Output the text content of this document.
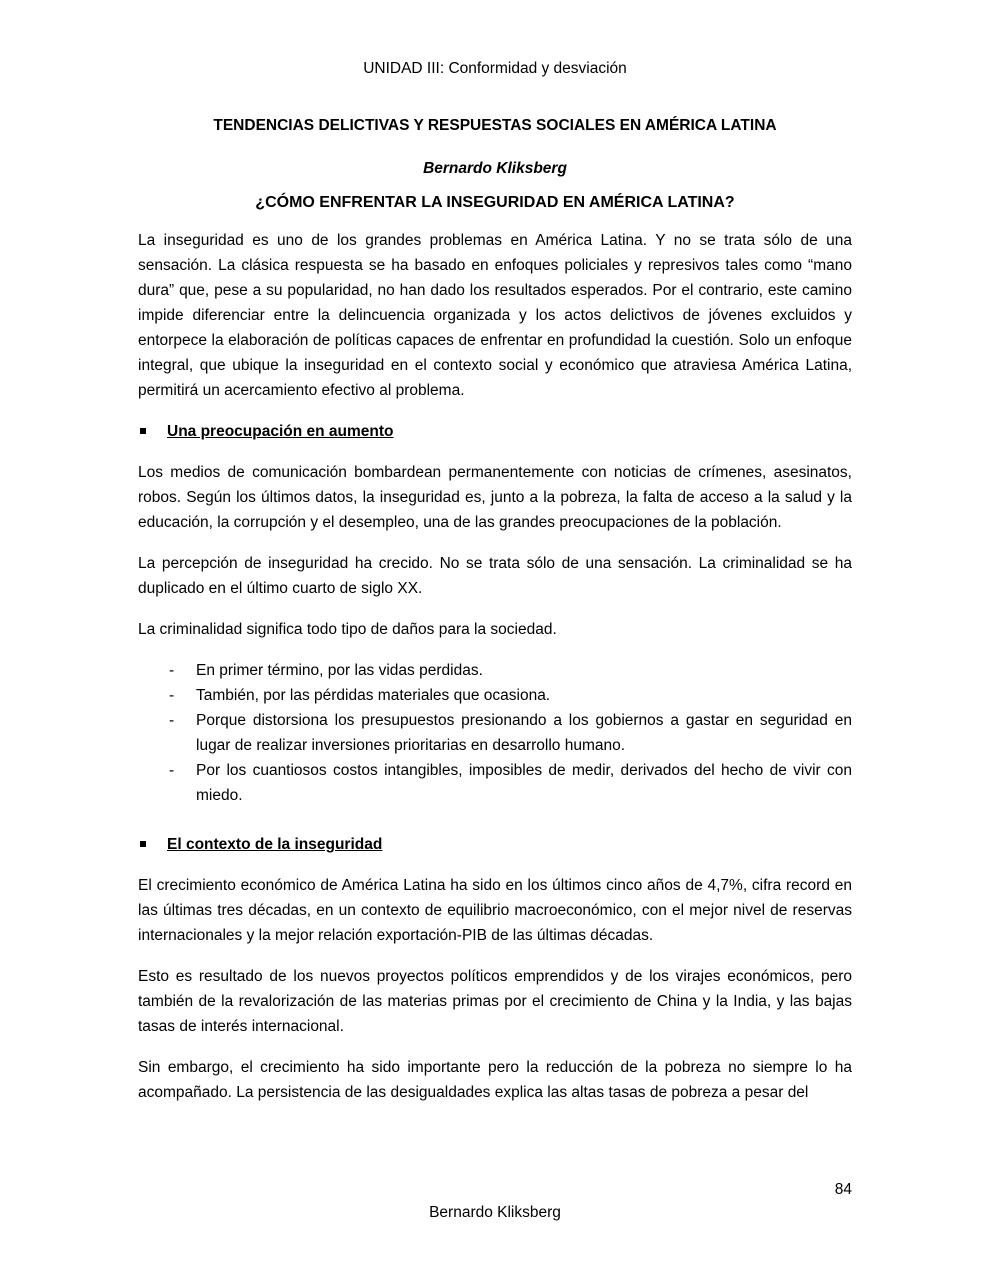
UNIDAD III: Conformidad y desviación
TENDENCIAS DELICTIVAS Y RESPUESTAS SOCIALES EN AMÉRICA LATINA
Bernardo Kliksberg
¿CÓMO ENFRENTAR LA INSEGURIDAD EN AMÉRICA LATINA?

La inseguridad es uno de los grandes problemas en América Latina. Y no se trata sólo de una sensación. La clásica respuesta se ha basado en enfoques policiales y represivos tales como “mano dura” que, pese a su popularidad, no han dado los resultados esperados. Por el contrario, este camino impide diferenciar entre la delincuencia organizada y los actos delictivos de jóvenes excluidos y entorpece la elaboración de políticas capaces de enfrentar en profundidad la cuestión. Solo un enfoque integral, que ubique la inseguridad en el contexto social y económico que atraviesa América Latina, permitirá un acercamiento efectivo al problema.

Una preocupación en aumento

Los medios de comunicación bombardean permanentemente con noticias de crímenes, asesinatos, robos. Según los últimos datos, la inseguridad es, junto a la pobreza, la falta de acceso a la salud y la educación, la corrupción y el desempleo, una de las grandes preocupaciones de la población.

La percepción de inseguridad ha crecido. No se trata sólo de una sensación. La criminalidad se ha duplicado en el último cuarto de siglo XX.

La criminalidad significa todo tipo de daños para la sociedad.

- En primer término, por las vidas perdidas.
- También, por las pérdidas materiales que ocasiona.
- Porque distorsiona los presupuestos presionando a los gobiernos a gastar en seguridad en lugar de realizar inversiones prioritarias en desarrollo humano.
- Por los cuantiosos costos intangibles, imposibles de medir, derivados del hecho de vivir con miedo.
El contexto de la inseguridad

El crecimiento económico de América Latina ha sido en los últimos cinco años de 4,7%, cifra record en las últimas tres décadas, en un contexto de equilibrio macroeconómico, con el mejor nivel de reservas internacionales y la mejor relación exportación-PIB de las últimas décadas.

Esto es resultado de los nuevos proyectos políticos emprendidos y de los virajes económicos, pero también de la revalorización de las materias primas por el crecimiento de China y la India, y las bajas tasas de interés internacional.

Sin embargo, el crecimiento ha sido importante pero la reducción de la pobreza no siempre lo ha acompañado. La persistencia de las desigualdades explica las altas tasas de pobreza a pesar del

84
Bernardo Kliksberg
